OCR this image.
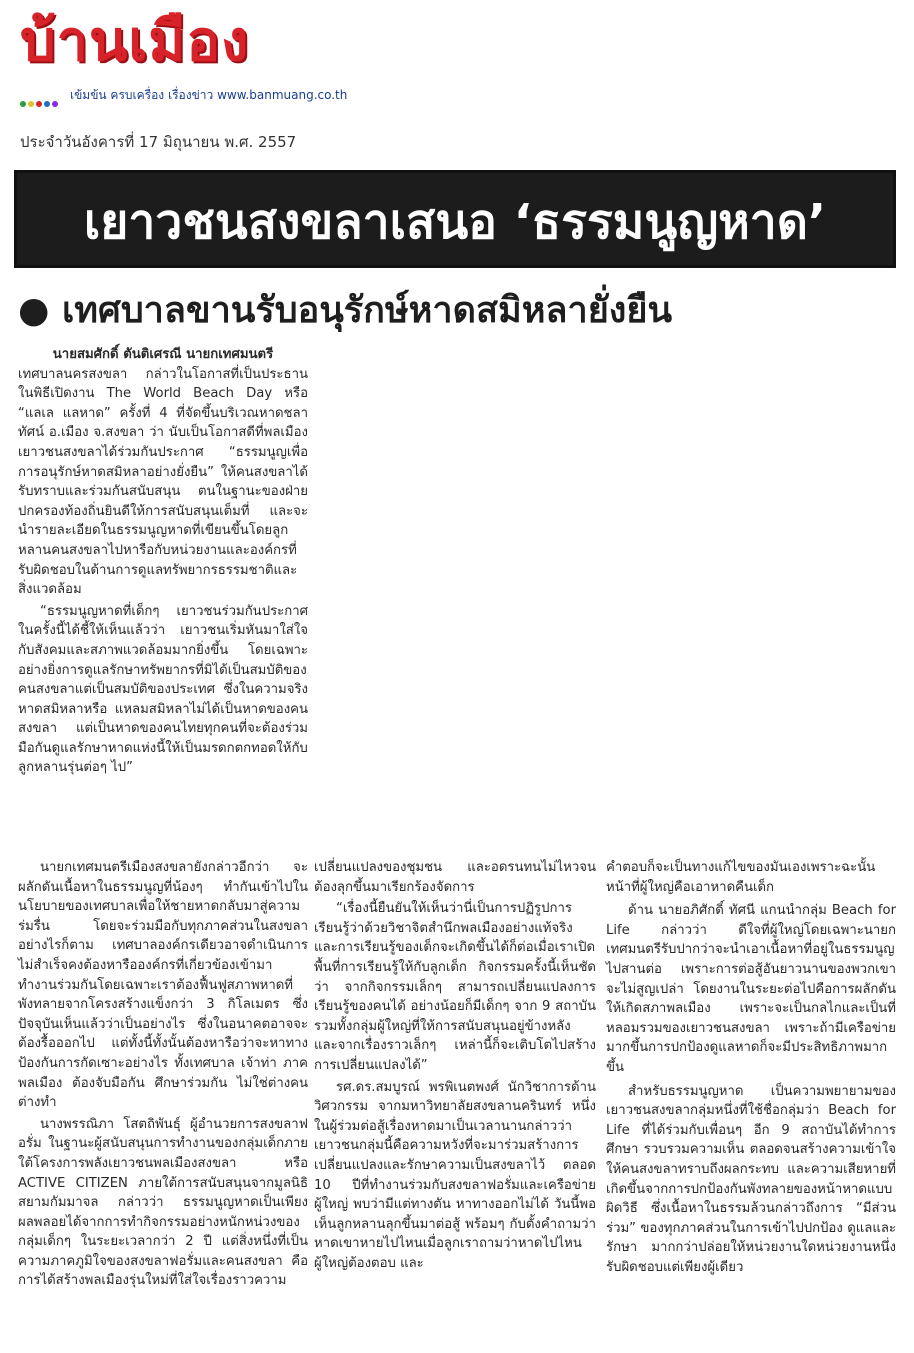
บ้านเมือง
เข้มข้น ครบเครื่อง เรื่องข่าว www.banmuang.co.th
ประจำวันอังคารที่ 17 มิถุนายน พ.ศ. 2557
เยาวชนสงขลาเสนอ ‘ธรรมนูญหาด’
● เทศบาลขานรับอนุรักษ์หาดสมิหลายั่งยืน

นายสมศักดิ์ ตันติเศรณี นายกเทศมนตรี

เทศบาลนครสงขลา กล่าวในโอกาสที่เป็นประธานในพิธีเปิดงาน The World Beach Day หรือ “แลเล แลหาด” ครั้งที่ 4 ที่จัดขึ้นบริเวณหาดชลาทัศน์ อ.เมือง จ.สงขลา ว่า นับเป็นโอกาสดีที่พลเมืองเยาวชนสงขลาได้ร่วมกันประกาศ “ธรรมนูญเพื่อการอนุรักษ์หาดสมิหลาอย่างยั่งยืน” ให้คนสงขลาได้รับทราบและร่วมกันสนับสนุน ตนในฐานะของฝ่ายปกครองท้องถิ่นยินดีให้การสนับสนุนเต็มที่ และจะนำรายละเอียดในธรรมนูญหาดที่เขียนขึ้นโดยลูกหลานคนสงขลาไปหารือกับหน่วยงานและองค์กรที่รับผิดชอบในด้านการดูแลทรัพยากรธรรมชาติและสิ่งแวดล้อม

“ธรรมนูญหาดที่เด็กๆ เยาวชนร่วมกันประกาศในครั้งนี้ได้ชี้ให้เห็นแล้วว่า เยาวชนเริ่มหันมาใส่ใจกับสังคมและสภาพแวดล้อมมากยิ่งขึ้น โดยเฉพาะอย่างยิ่งการดูแลรักษาทรัพยากรที่มิได้เป็นสมบัติของคนสงขลาแต่เป็นสมบัติของประเทศ ซึ่งในความจริงหาดสมิหลาหรือ แหลมสมิหลาไม่ได้เป็นหาดของคนสงขลา แต่เป็นหาดของคนไทยทุกคนที่จะต้องร่วมมือกันดูแลรักษาหาดแห่งนี้ให้เป็นมรดกตกทอดให้กับลูกหลานรุ่นต่อๆ ไป”

นายกเทศมนตรีเมืองสงขลายังกล่าวอีกว่า จะผลักดันเนื้อหาในธรรมนูญที่น้องๆ ทำกันเข้าไปในนโยบายของเทศบาลเพื่อให้ชายหาดกลับมาสู่ความร่มรื่น โดยจะร่วมมือกับทุกภาคส่วนในสงขลา อย่างไรก็ตาม เทศบาลองค์กรเดียวอาจดำเนินการไม่สำเร็จคงต้องหารือองค์กรที่เกี่ยวข้องเข้ามาทำงานร่วมกันโดยเฉพาะเราต้องฟื้นฟูสภาพหาดที่พังทลายจากโครงสร้างแข็งกว่า 3 กิโลเมตร ซึ่งปัจจุบันเห็นแล้วว่าเป็นอย่างไร ซึ่งในอนาคตอาจจะต้องรื้อออกไป แต่ทั้งนี้ทั้งนั้นต้องหารือว่าจะหาทางป้องกันการกัดเซาะอย่างไร ทั้งเทศบาล เจ้าท่า ภาคพลเมือง ต้องจับมือกัน ศึกษาร่วมกัน ไม่ใช่ต่างคนต่างทำ

นางพรรณิภา โสตถิพันธุ์ ผู้อำนวยการสงขลาฟอรั่ม ในฐานะผู้สนับสนุนการทำงานของกลุ่มเด็กภายใต้โครงการพลังเยาวชนพลเมืองสงขลา หรือ ACTIVE CITIZEN ภายใต้การสนับสนุนจากมูลนิธิสยามกัมมาจล กล่าวว่า ธรรมนูญหาดเป็นเพียงผลพลอยได้จากการทำกิจกรรมอย่างหนักหน่วงของกลุ่มเด็กๆ ในระยะเวลากว่า 2 ปี แต่สิ่งหนึ่งที่เป็นความภาคภูมิใจของสงขลาฟอรั่มและคนสงขลา คือการได้สร้างพลเมืองรุ่นใหม่ที่ใส่ใจเรื่องราวความ

เปลี่ยนแปลงของชุมชน และอดรนทนไม่ไหวจนต้องลุกขึ้นมาเรียกร้องจัดการ

“เรื่องนี้ยืนยันให้เห็นว่านี่เป็นการปฏิรูปการเรียนรู้ว่าด้วยวิชาจิตสำนึกพลเมืองอย่างแท้จริง และการเรียนรู้ของเด็กจะเกิดขึ้นได้ก็ต่อเมื่อเราเปิดพื้นที่การเรียนรู้ให้กับลูกเด็ก กิจกรรมครั้งนี้เห็นชัดว่า จากกิจกรรมเล็กๆ สามารถเปลี่ยนแปลงการเรียนรู้ของคนได้ อย่างน้อยก็มีเด็กๆ จาก 9 สถาบันรวมทั้งกลุ่มผู้ใหญ่ที่ให้การสนับสนุนอยู่ข้างหลัง และจากเรื่องราวเล็กๆ เหล่านี้ก็จะเติบโตไปสร้างการเปลี่ยนแปลงได้”

รศ.ดร.สมบูรณ์ พรพิเนตพงศ์ นักวิชาการด้านวิศวกรรม จากมหาวิทยาลัยสงขลานครินทร์ หนึ่งในผู้ร่วมต่อสู้เรื่องหาดมาเป็นเวลานานกล่าวว่า เยาวชนกลุ่มนี้คือความหวังที่จะมาร่วมสร้างการเปลี่ยนแปลงและรักษาความเป็นสงขลาไว้ ตลอด 10 ปีที่ทำงานร่วมกับสงขลาฟอรั่มและเครือข่ายผู้ใหญ่ พบว่ามีแต่ทางตัน หาทางออกไม่ได้ วันนี้พอเห็นลูกหลานลุกขึ้นมาต่อสู้ พร้อมๆ กับตั้งคำถามว่าหาดเขาหายไปไหนเมื่อลูกเราถามว่าหาดไปไหนผู้ใหญ่ต้องตอบ และ

คำตอบก็จะเป็นทางแก้ไขของมันเองเพราะฉะนั้นหน้าที่ผู้ใหญ่คือเอาหาดคืนเด็ก

ด้าน นายอภิศักดิ์ ทัศนี แกนนำกลุ่ม Beach for Life กล่าวว่า ดีใจที่ผู้ใหญ่โดยเฉพาะนายกเทศมนตรีรับปากว่าจะนำเอาเนื้อหาที่อยู่ในธรรมนูญไปสานต่อ เพราะการต่อสู้อันยาวนานของพวกเขาจะไม่สูญเปล่า โดยงานในระยะต่อไปคือการผลักดันให้เกิดสภาพลเมือง เพราะจะเป็นกลไกและเป็นที่หลอมรวมของเยาวชนสงขลา เพราะถ้ามีเครือข่ายมากขึ้นการปกป้องดูแลหาดก็จะมีประสิทธิภาพมากขึ้น

สำหรับธรรมนูญหาด เป็นความพยายามของเยาวชนสงขลากลุ่มหนึ่งที่ใช้ชื่อกลุ่มว่า Beach for Life ที่ได้ร่วมกับเพื่อนๆ อีก 9 สถาบันได้ทำการศึกษา รวบรวมความเห็น ตลอดจนสร้างความเข้าใจให้คนสงขลาทราบถึงผลกระทบ และความเสียหายที่เกิดขึ้นจากการปกป้องกันพังทลายของหน้าหาดแบบผิดวิธี ซึ่งเนื้อหาในธรรมล้วนกล่าวถึงการ “มีส่วนร่วม” ของทุกภาคส่วนในการเข้าไปปกป้อง ดูแลและรักษา มากกว่าปล่อยให้หน่วยงานใดหน่วยงานหนึ่งรับผิดชอบแต่เพียงผู้เดียว
